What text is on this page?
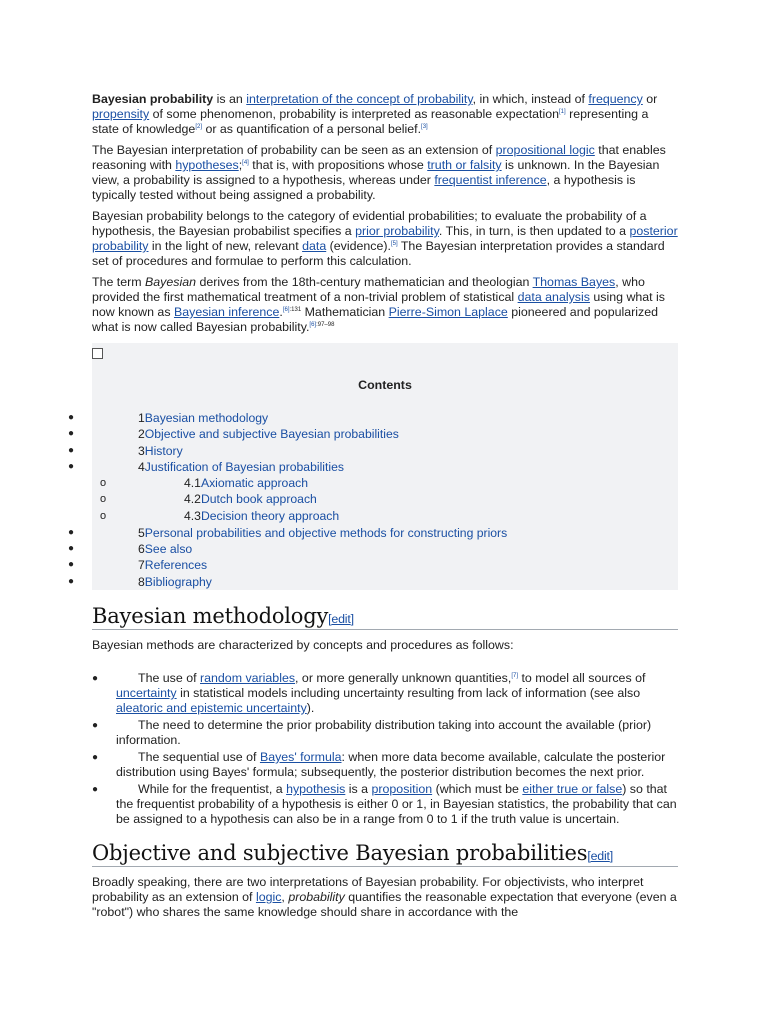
Bayesian probability is an interpretation of the concept of probability, in which, instead of frequency or propensity of some phenomenon, probability is interpreted as reasonable expectation[1] representing a state of knowledge[2] or as quantification of a personal belief.[3]

The Bayesian interpretation of probability can be seen as an extension of propositional logic that enables reasoning with hypotheses;[4] that is, with propositions whose truth or falsity is unknown. In the Bayesian view, a probability is assigned to a hypothesis, whereas under frequentist inference, a hypothesis is typically tested without being assigned a probability.

Bayesian probability belongs to the category of evidential probabilities; to evaluate the probability of a hypothesis, the Bayesian probabilist specifies a prior probability. This, in turn, is then updated to a posterior probability in the light of new, relevant data (evidence).[5] The Bayesian interpretation provides a standard set of procedures and formulae to perform this calculation.

The term Bayesian derives from the 18th-century mathematician and theologian Thomas Bayes, who provided the first mathematical treatment of a non-trivial problem of statistical data analysis using what is now known as Bayesian inference.$^{[6]:131}$ Mathematician Pierre-Simon Laplace pioneered and popularized what is now called Bayesian probability.$^{[6]:97-98}$

Contents
●	1Bayesian methodology
●	2Objective and subjective Bayesian probabilities
●	3History
●	4Justification of Bayesian probabilities
o	4.1Axiomatic approach
o	4.2Dutch book approach
o	4.3Decision theory approach
●	5Personal probabilities and objective methods for constructing priors
●	6See also
●	7References
●	8Bibliography
Bayesian methodology[edit]

Bayesian methods are characterized by concepts and procedures as follows:

●	The use of random variables, or more generally unknown quantities,[7] to model all sources of uncertainty in statistical models including uncertainty resulting from lack of information (see also aleatoric and epistemic uncertainty).
●	The need to determine the prior probability distribution taking into account the available (prior) information.
●	The sequential use of Bayes' formula: when more data become available, calculate the posterior distribution using Bayes' formula; subsequently, the posterior distribution becomes the next prior.
●	While for the frequentist, a hypothesis is a proposition (which must be either true or false) so that the frequentist probability of a hypothesis is either 0 or 1, in Bayesian statistics, the probability that can be assigned to a hypothesis can also be in a range from 0 to 1 if the truth value is uncertain.
Objective and subjective Bayesian probabilities[edit]

Broadly speaking, there are two interpretations of Bayesian probability. For objectivists, who interpret probability as an extension of logic, probability quantifies the reasonable expectation that everyone (even a "robot") who shares the same knowledge should share in accordance with the
